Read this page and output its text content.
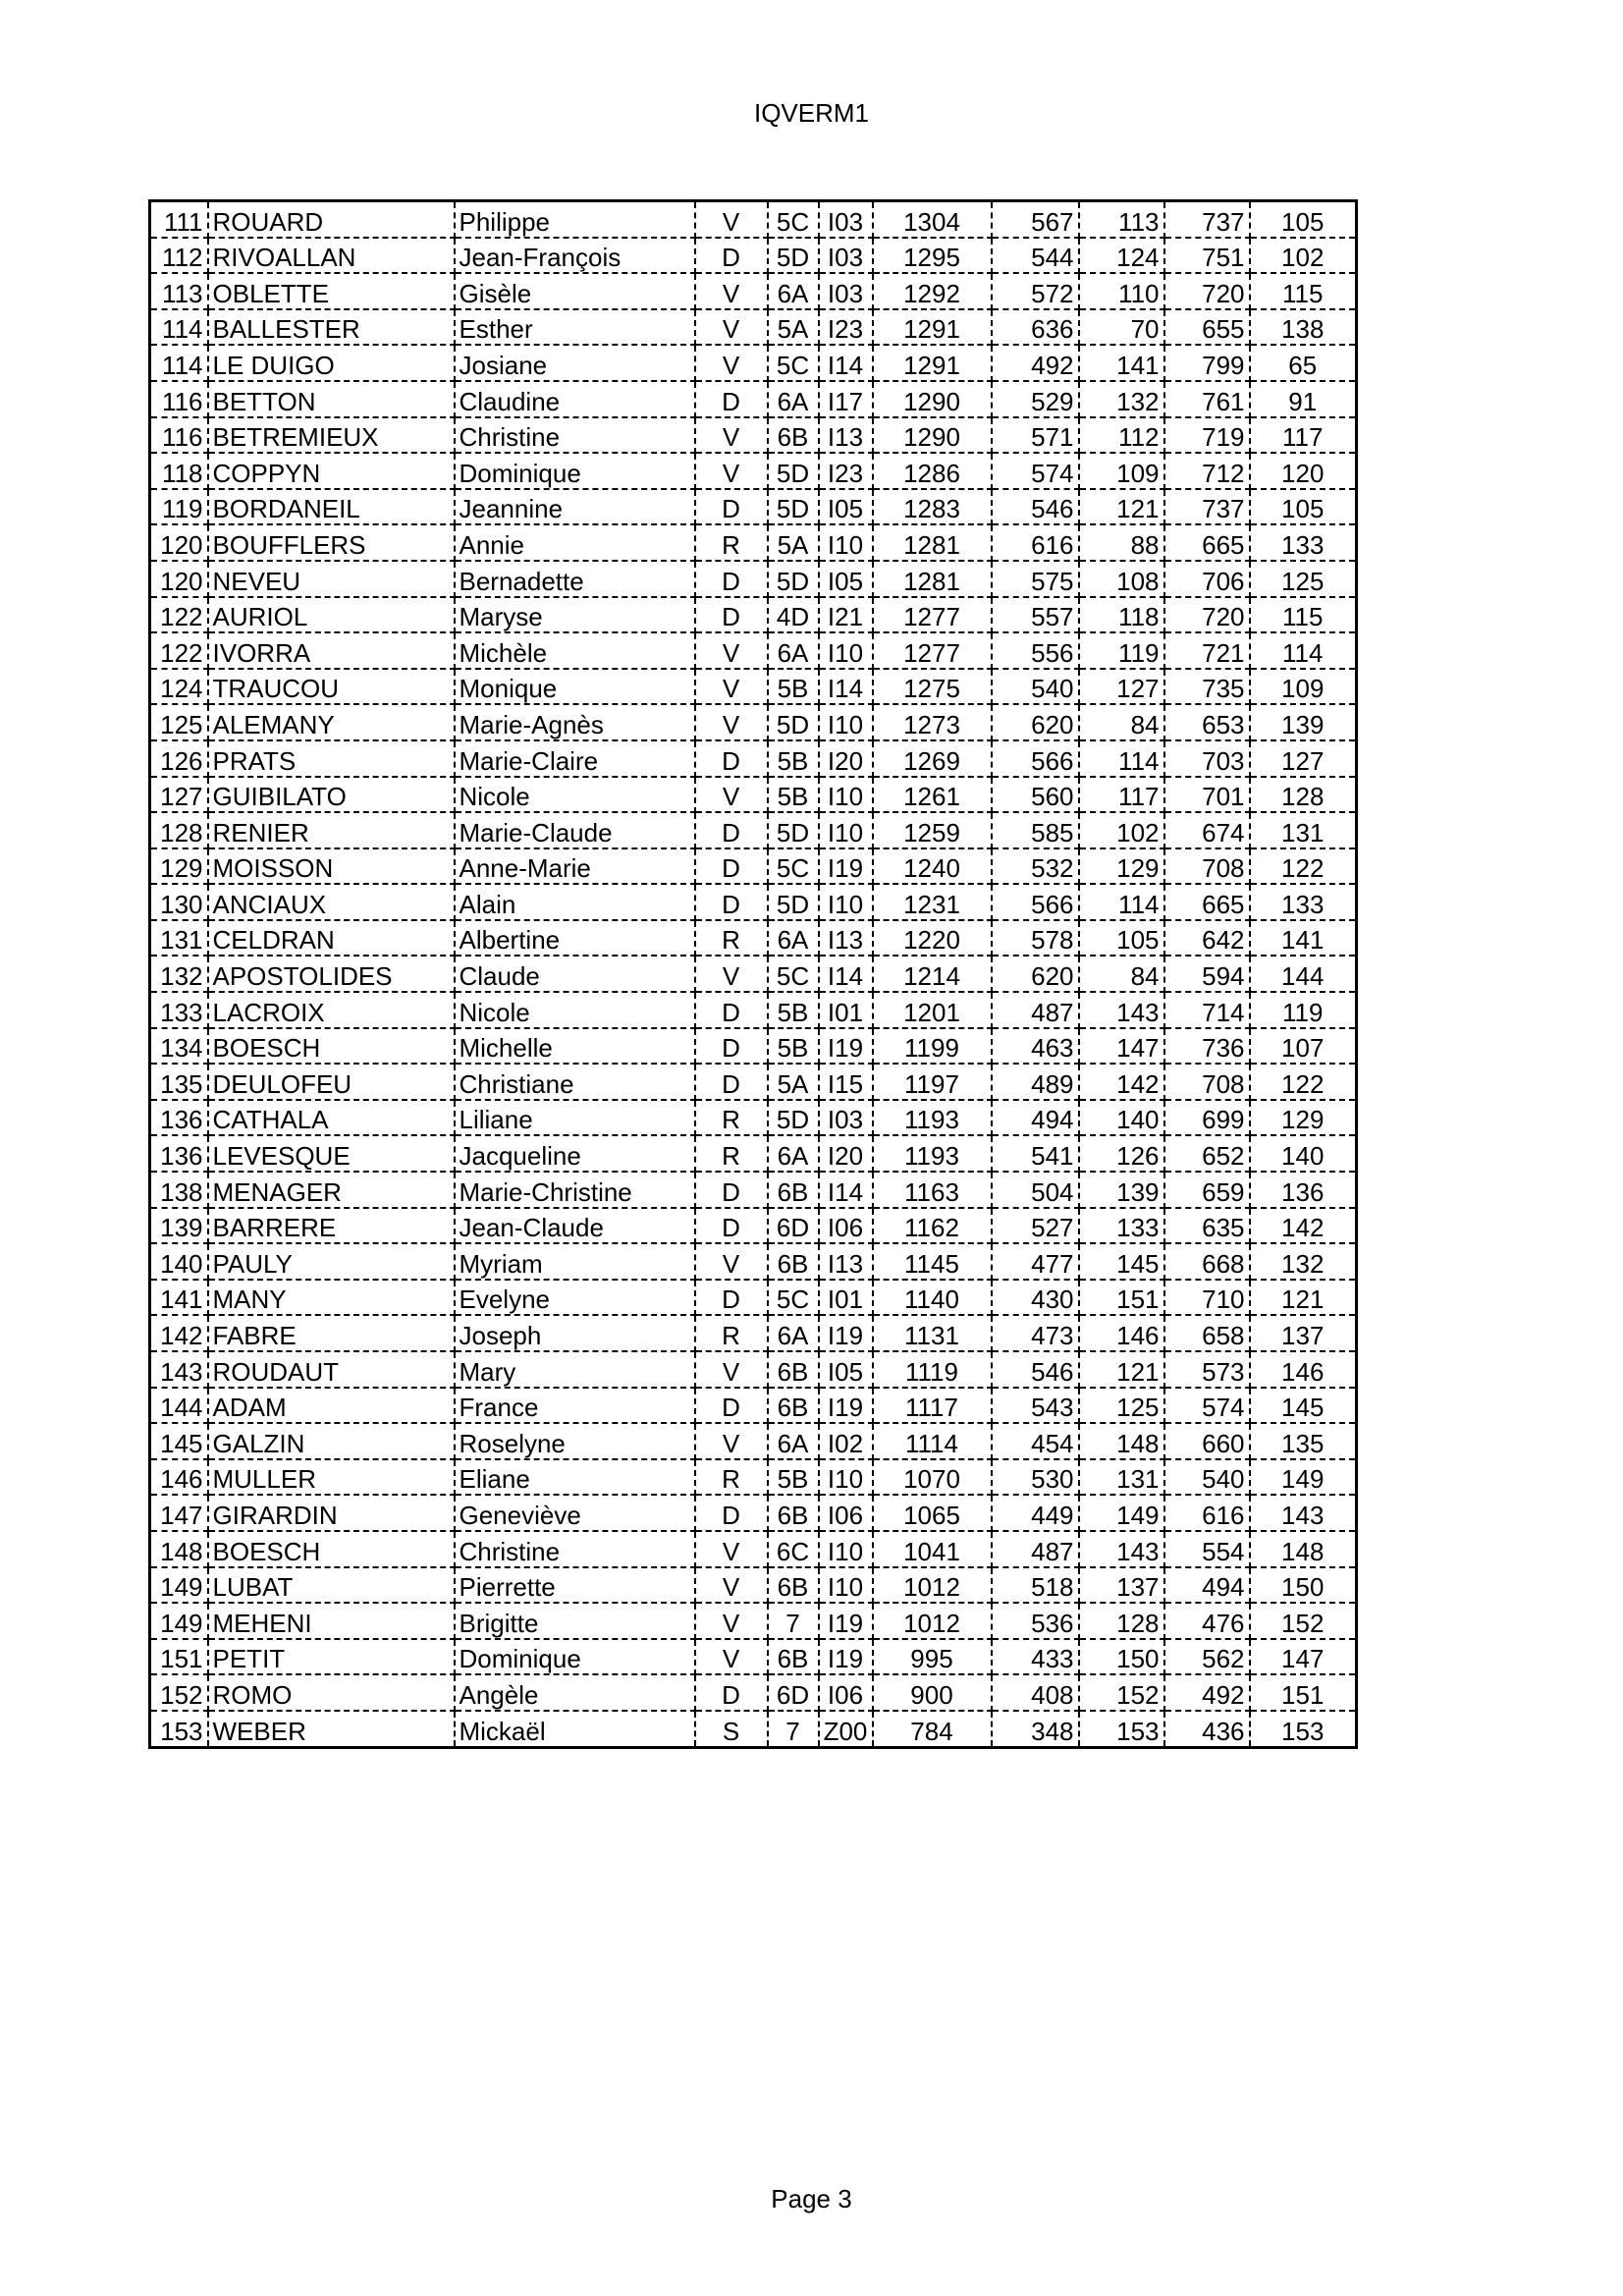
IQVERM1
111	ROUARD	Philippe	V	5C	I03	1304	567	113	737	105
112	RIVOALLAN	Jean-François	D	5D	I03	1295	544	124	751	102
113	OBLETTE	Gisèle	V	6A	I03	1292	572	110	720	115
114	BALLESTER	Esther	V	5A	I23	1291	636	70	655	138
114	LE DUIGO	Josiane	V	5C	I14	1291	492	141	799	65
116	BETTON	Claudine	D	6A	I17	1290	529	132	761	91
116	BETREMIEUX	Christine	V	6B	I13	1290	571	112	719	117
118	COPPYN	Dominique	V	5D	I23	1286	574	109	712	120
119	BORDANEIL	Jeannine	D	5D	I05	1283	546	121	737	105
120	BOUFFLERS	Annie	R	5A	I10	1281	616	88	665	133
120	NEVEU	Bernadette	D	5D	I05	1281	575	108	706	125
122	AURIOL	Maryse	D	4D	I21	1277	557	118	720	115
122	IVORRA	Michèle	V	6A	I10	1277	556	119	721	114
124	TRAUCOU	Monique	V	5B	I14	1275	540	127	735	109
125	ALEMANY	Marie-Agnès	V	5D	I10	1273	620	84	653	139
126	PRATS	Marie-Claire	D	5B	I20	1269	566	114	703	127
127	GUIBILATO	Nicole	V	5B	I10	1261	560	117	701	128
128	RENIER	Marie-Claude	D	5D	I10	1259	585	102	674	131
129	MOISSON	Anne-Marie	D	5C	I19	1240	532	129	708	122
130	ANCIAUX	Alain	D	5D	I10	1231	566	114	665	133
131	CELDRAN	Albertine	R	6A	I13	1220	578	105	642	141
132	APOSTOLIDES	Claude	V	5C	I14	1214	620	84	594	144
133	LACROIX	Nicole	D	5B	I01	1201	487	143	714	119
134	BOESCH	Michelle	D	5B	I19	1199	463	147	736	107
135	DEULOFEU	Christiane	D	5A	I15	1197	489	142	708	122
136	CATHALA	Liliane	R	5D	I03	1193	494	140	699	129
136	LEVESQUE	Jacqueline	R	6A	I20	1193	541	126	652	140
138	MENAGER	Marie-Christine	D	6B	I14	1163	504	139	659	136
139	BARRERE	Jean-Claude	D	6D	I06	1162	527	133	635	142
140	PAULY	Myriam	V	6B	I13	1145	477	145	668	132
141	MANY	Evelyne	D	5C	I01	1140	430	151	710	121
142	FABRE	Joseph	R	6A	I19	1131	473	146	658	137
143	ROUDAUT	Mary	V	6B	I05	1119	546	121	573	146
144	ADAM	France	D	6B	I19	1117	543	125	574	145
145	GALZIN	Roselyne	V	6A	I02	1114	454	148	660	135
146	MULLER	Eliane	R	5B	I10	1070	530	131	540	149
147	GIRARDIN	Geneviève	D	6B	I06	1065	449	149	616	143
148	BOESCH	Christine	V	6C	I10	1041	487	143	554	148
149	LUBAT	Pierrette	V	6B	I10	1012	518	137	494	150
149	MEHENI	Brigitte	V	7	I19	1012	536	128	476	152
151	PETIT	Dominique	V	6B	I19	995	433	150	562	147
152	ROMO	Angèle	D	6D	I06	900	408	152	492	151
153	WEBER	Mickaël	S	7	Z00	784	348	153	436	153
Page 3
